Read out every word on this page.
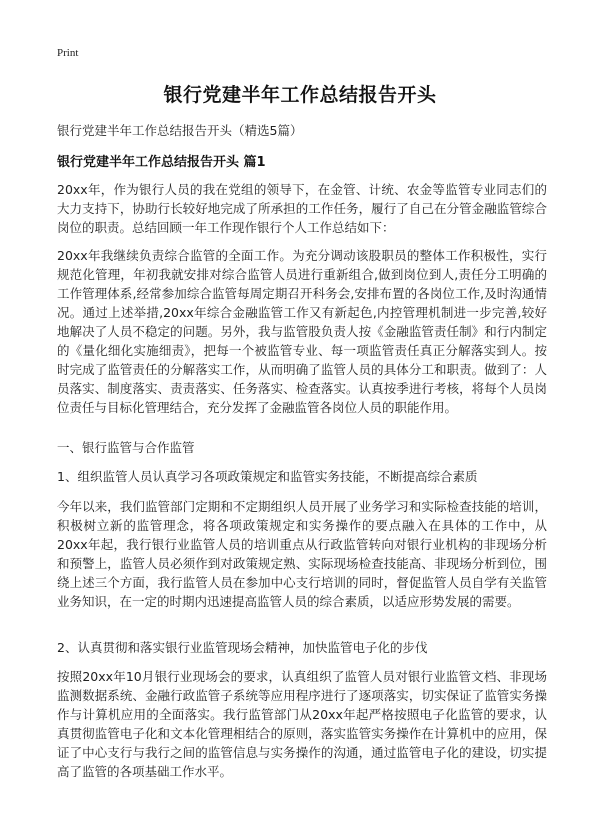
Print
银行党建半年工作总结报告开头
银行党建半年工作总结报告开头（精选5篇）
银行党建半年工作总结报告开头 篇1

20xx年，作为银行人员的我在党组的领导下，在金管、计统、农金等监管专业同志们的大力支持下，协助行长较好地完成了所承担的工作任务，履行了自己在分管金融监管综合岗位的职责。总结回顾一年工作现作银行个人工作总结如下：

20xx年我继续负责综合监管的全面工作。为充分调动该股职员的整体工作积极性，实行规范化管理，年初我就安排对综合监管人员进行重新组合,做到岗位到人,责任分工明确的工作管理体系,经常参加综合监管每周定期召开科务会,安排布置的各岗位工作,及时沟通情况。通过上述举措,20xx年综合金融监管工作又有新起色,内控管理机制进一步完善,较好地解决了人员不稳定的问题。另外，我与监管股负责人按《金融监管责任制》和行内制定的《量化细化实施细责》，把每一个被监管专业、每一项监管责任真正分解落实到人。按时完成了监管责任的分解落实工作，从而明确了监管人员的具体分工和职责。做到了：人员落实、制度落实、责责落实、任务落实、检查落实。认真按季进行考核，将每个人员岗位责任与目标化管理结合，充分发挥了金融监管各岗位人员的职能作用。

一、银行监管与合作监管
1、组织监管人员认真学习各项政策规定和监管实务技能，不断提高综合素质

今年以来，我们监管部门定期和不定期组织人员开展了业务学习和实际检查技能的培训，积极树立新的监管理念，将各项政策规定和实务操作的要点融入在具体的工作中，从20xx年起，我行银行业监管人员的培训重点从行政监管转向对银行业机构的非现场分析和预警上，监管人员必须作到对政策规定熟、实际现场检查技能高、非现场分析到位，围绕上述三个方面，我行监管人员在参加中心支行培训的同时，督促监管人员自学有关监管业务知识，在一定的时期内迅速提高监管人员的综合素质，以适应形势发展的需要。

2、认真贯彻和落实银行业监管现场会精神，加快监管电子化的步伐

按照20xx年10月银行业现场会的要求，认真组织了监管人员对银行业监管文档、非现场监测数据系统、金融行政监管子系统等应用程序进行了逐项落实，切实保证了监管实务操作与计算机应用的全面落实。我行监管部门从20xx年起严格按照电子化监管的要求，认真贯彻监管电子化和文本化管理相结合的原则，落实监管实务操作在计算机中的应用，保证了中心支行与我行之间的监管信息与实务操作的沟通，通过监管电子化的建设，切实提高了监管的各项基础工作水平。
